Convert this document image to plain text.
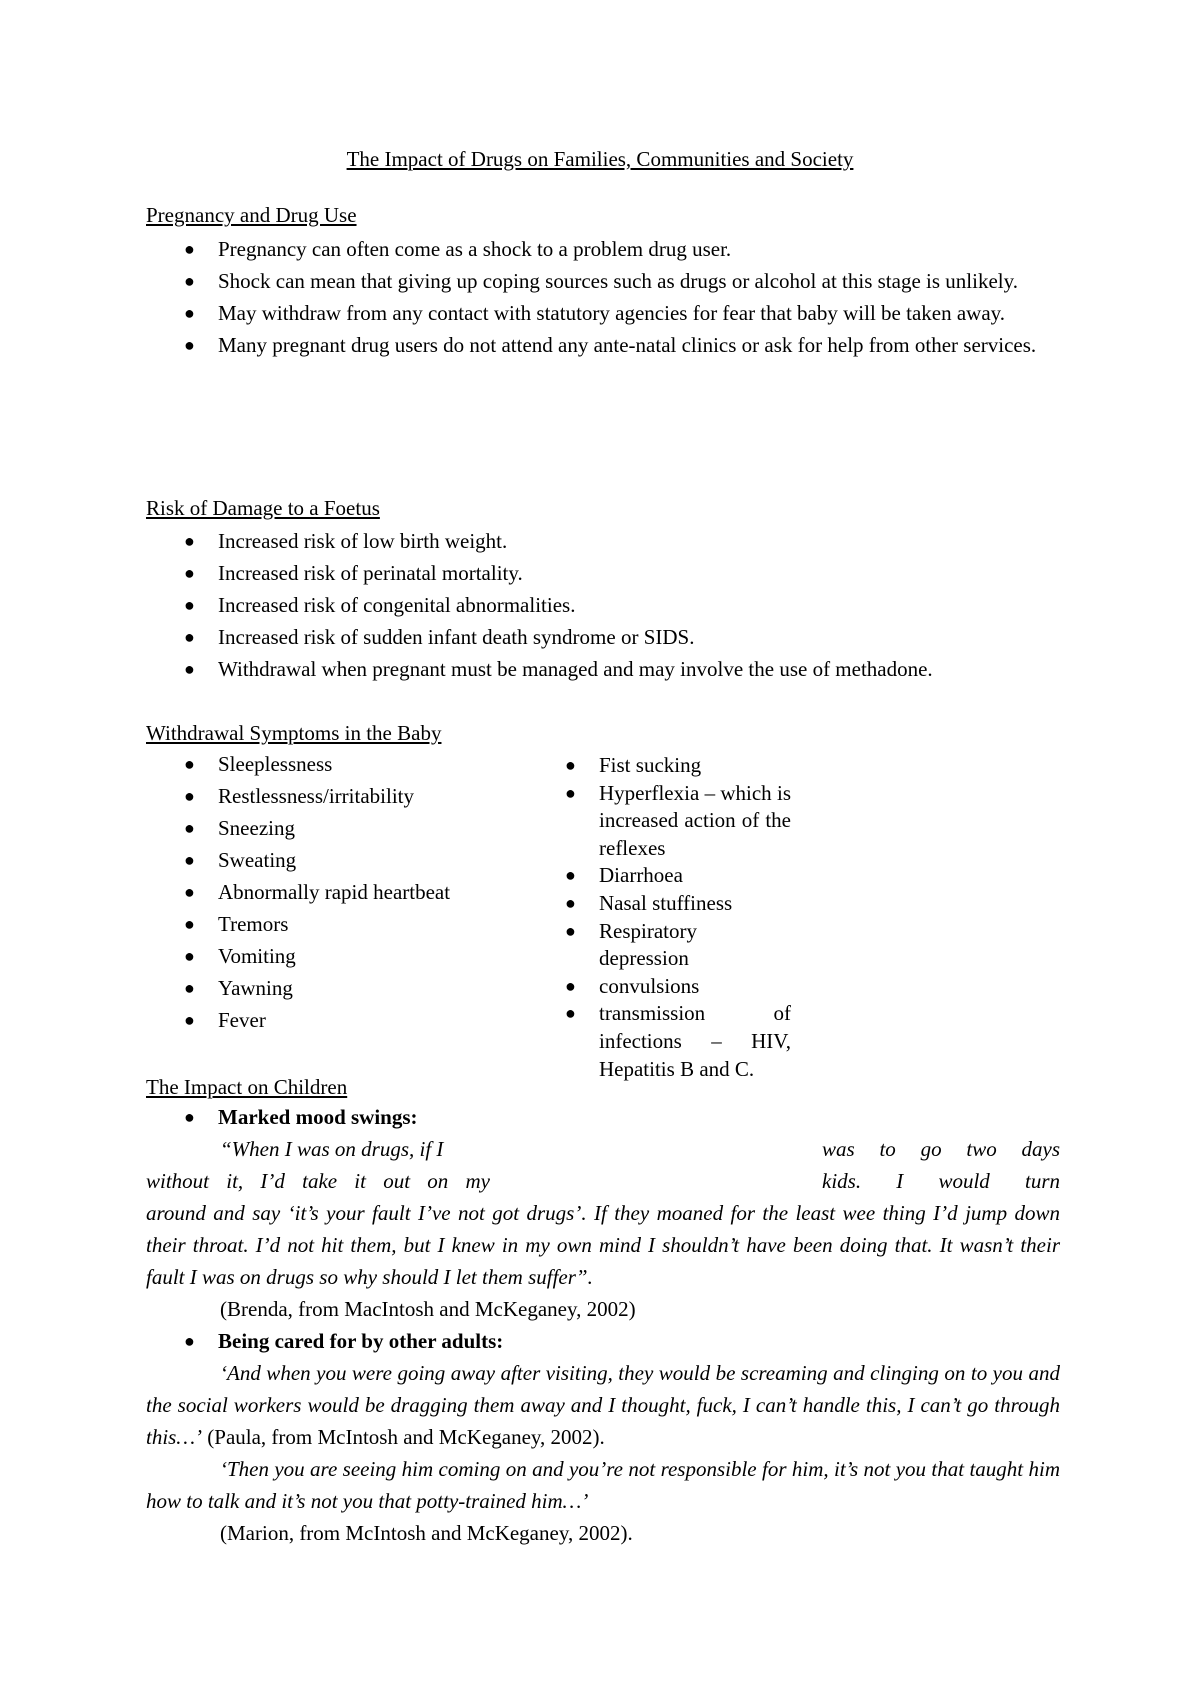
The Impact of Drugs on Families, Communities and Society
Pregnancy and Drug Use
● Pregnancy can often come as a shock to a problem drug user.
● Shock can mean that giving up coping sources such as drugs or alcohol at this stage is unlikely.
● May withdraw from any contact with statutory agencies for fear that baby will be taken away.
● Many pregnant drug users do not attend any ante-natal clinics or ask for help from other services.
Risk of Damage to a Foetus
● Increased risk of low birth weight.
● Increased risk of perinatal mortality.
● Increased risk of congenital abnormalities.
● Increased risk of sudden infant death syndrome or SIDS.
● Withdrawal when pregnant must be managed and may involve the use of methadone.
Withdrawal Symptoms in the Baby
● Sleeplessness
● Restlessness/irritability
● Sneezing
● Sweating
● Abnormally rapid heartbeat
● Tremors
● Vomiting
● Yawning
● Fever
● Fist sucking
● Hyperflexia – which is increased action of the reflexes
● Diarrhoea
● Nasal stuffiness
● Respiratory depression
● convulsions
● transmission of infections – HIV, Hepatitis B and C.
The Impact on Children
● Marked mood swings:
“When I was on drugs, if I	was to go two days
without it, I’d take it out on my	kids. I would turn
around and say ‘it’s your fault I’ve not got drugs’. If they moaned for the least wee thing I’d jump down their throat. I’d not hit them, but I knew in my own mind I shouldn’t have been doing that. It wasn’t their fault I was on drugs so why should I let them suffer”.
(Brenda, from MacIntosh and McKeganey, 2002)
● Being cared for by other adults:
‘And when you were going away after visiting, they would be screaming and clinging on to you and the social workers would be dragging them away and I thought, fuck, I can’t handle this, I can’t go through this…’ (Paula, from McIntosh and McKeganey, 2002).
‘Then you are seeing him coming on and you’re not responsible for him, it’s not you that taught him how to talk and it’s not you that potty-trained him…’
(Marion, from McIntosh and McKeganey, 2002).
